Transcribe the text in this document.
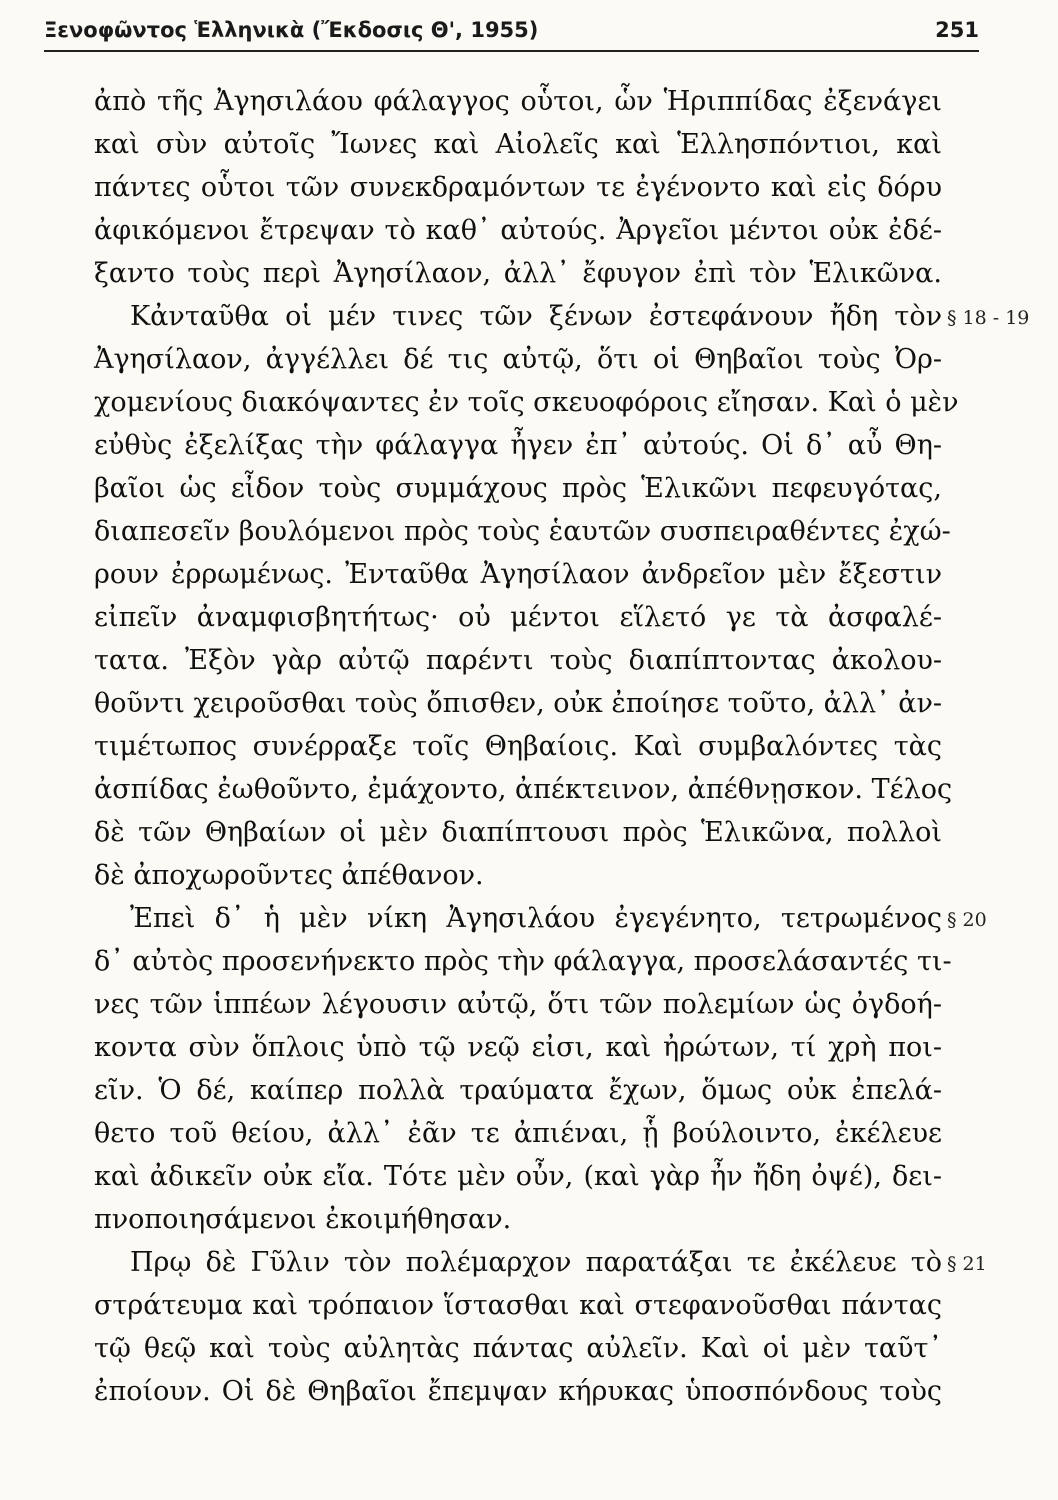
Ξενοφῶντος Ἑλληνικὰ (Ἔκδοσις Θ', 1955)	251
ἀπὸ τῆς Ἀγησιλάου φάλαγγος οὗτοι, ὧν Ἡριππίδας ἐξενάγει
καὶ σὺν αὐτοῖς Ἴωνες καὶ Αἰολεῖς καὶ Ἑλλησπόντιοι, καὶ
πάντες οὗτοι τῶν συνεκδραμόντων τε ἐγένοντο καὶ εἰς δόρυ
ἀφικόμενοι ἔτρεψαν τὸ καθ᾽ αὐτούς. Ἀργεῖοι μέντοι οὐκ ἐδέ-
ξαντο τοὺς περὶ Ἀγησίλαον, ἀλλ᾽ ἔφυγον ἐπὶ τὸν Ἑλικῶνα.
Κἀνταῦθα οἱ μέν τινες τῶν ξένων ἐστεφάνουν ἤδη τὸν
Ἀγησίλαον, ἀγγέλλει δέ τις αὐτῷ, ὅτι οἱ Θηβαῖοι τοὺς Ὀρ-
χομενίους διακόψαντες ἐν τοῖς σκευοφόροις εἴησαν. Καὶ ὁ μὲν
εὐθὺς ἐξελίξας τὴν φάλαγγα ἦγεν ἐπ᾽ αὐτούς. Οἱ δ᾽ αὖ Θη-
βαῖοι ὡς εἶδον τοὺς συμμάχους πρὸς Ἑλικῶνι πεφευγότας,
διαπεσεῖν βουλόμενοι πρὸς τοὺς ἑαυτῶν συσπειραθέντες ἐχώ-
ρουν ἐρρωμένως. Ἐνταῦθα Ἀγησίλαον ἀνδρεῖον μὲν ἔξεστιν
εἰπεῖν ἀναμφισβητήτως· οὐ μέντοι εἵλετό γε τὰ ἀσφαλέ-
τατα. Ἐξὸν γὰρ αὐτῷ παρέντι τοὺς διαπίπτοντας ἀκολου-
θοῦντι χειροῦσθαι τοὺς ὄπισθεν, οὐκ ἐποίησε τοῦτο, ἀλλ᾽ ἀν-
τιμέτωπος συνέρραξε τοῖς Θηβαίοις. Καὶ συμβαλόντες τὰς
ἀσπίδας ἐωθοῦντο, ἐμάχοντο, ἀπέκτεινον, ἀπέθνῃσκον. Τέλος
δὲ τῶν Θηβαίων οἱ μὲν διαπίπτουσι πρὸς Ἑλικῶνα, πολλοὶ
δὲ ἀποχωροῦντες ἀπέθανον.
Ἐπεὶ δ᾽ ἡ μὲν νίκη Ἀγησιλάου ἐγεγένητο, τετρωμένος
δ᾽ αὐτὸς προσενήνεκτο πρὸς τὴν φάλαγγα, προσελάσαντές τι-
νες τῶν ἱππέων λέγουσιν αὐτῷ, ὅτι τῶν πολεμίων ὡς ὀγδοή-
κοντα σὺν ὅπλοις ὑπὸ τῷ νεῷ εἰσι, καὶ ἠρώτων, τί χρὴ ποι-
εῖν. Ὁ δέ, καίπερ πολλὰ τραύματα ἔχων, ὅμως οὐκ ἐπελά-
θετο τοῦ θείου, ἀλλ᾽ ἐᾶν τε ἀπιέναι, ᾗ βούλοιντο, ἐκέλευε
καὶ ἀδικεῖν οὐκ εἴα. Τότε μὲν οὖν, (καὶ γὰρ ἦν ἤδη ὀψέ), δει-
πνοποιησάμενοι ἐκοιμήθησαν.
Πρῳ δὲ Γῦλιν τὸν πολέμαρχον παρατάξαι τε ἐκέλευε τὸ
στράτευμα καὶ τρόπαιον ἵστασθαι καὶ στεφανοῦσθαι πάντας
τῷ θεῷ καὶ τοὺς αὐλητὰς πάντας αὐλεῖν. Καὶ οἱ μὲν ταῦτ᾽
ἐποίουν. Οἱ δὲ Θηβαῖοι ἔπεμψαν κήρυκας ὑποσπόνδους τοὺς
§ 18 - 19
§ 20
§ 21
